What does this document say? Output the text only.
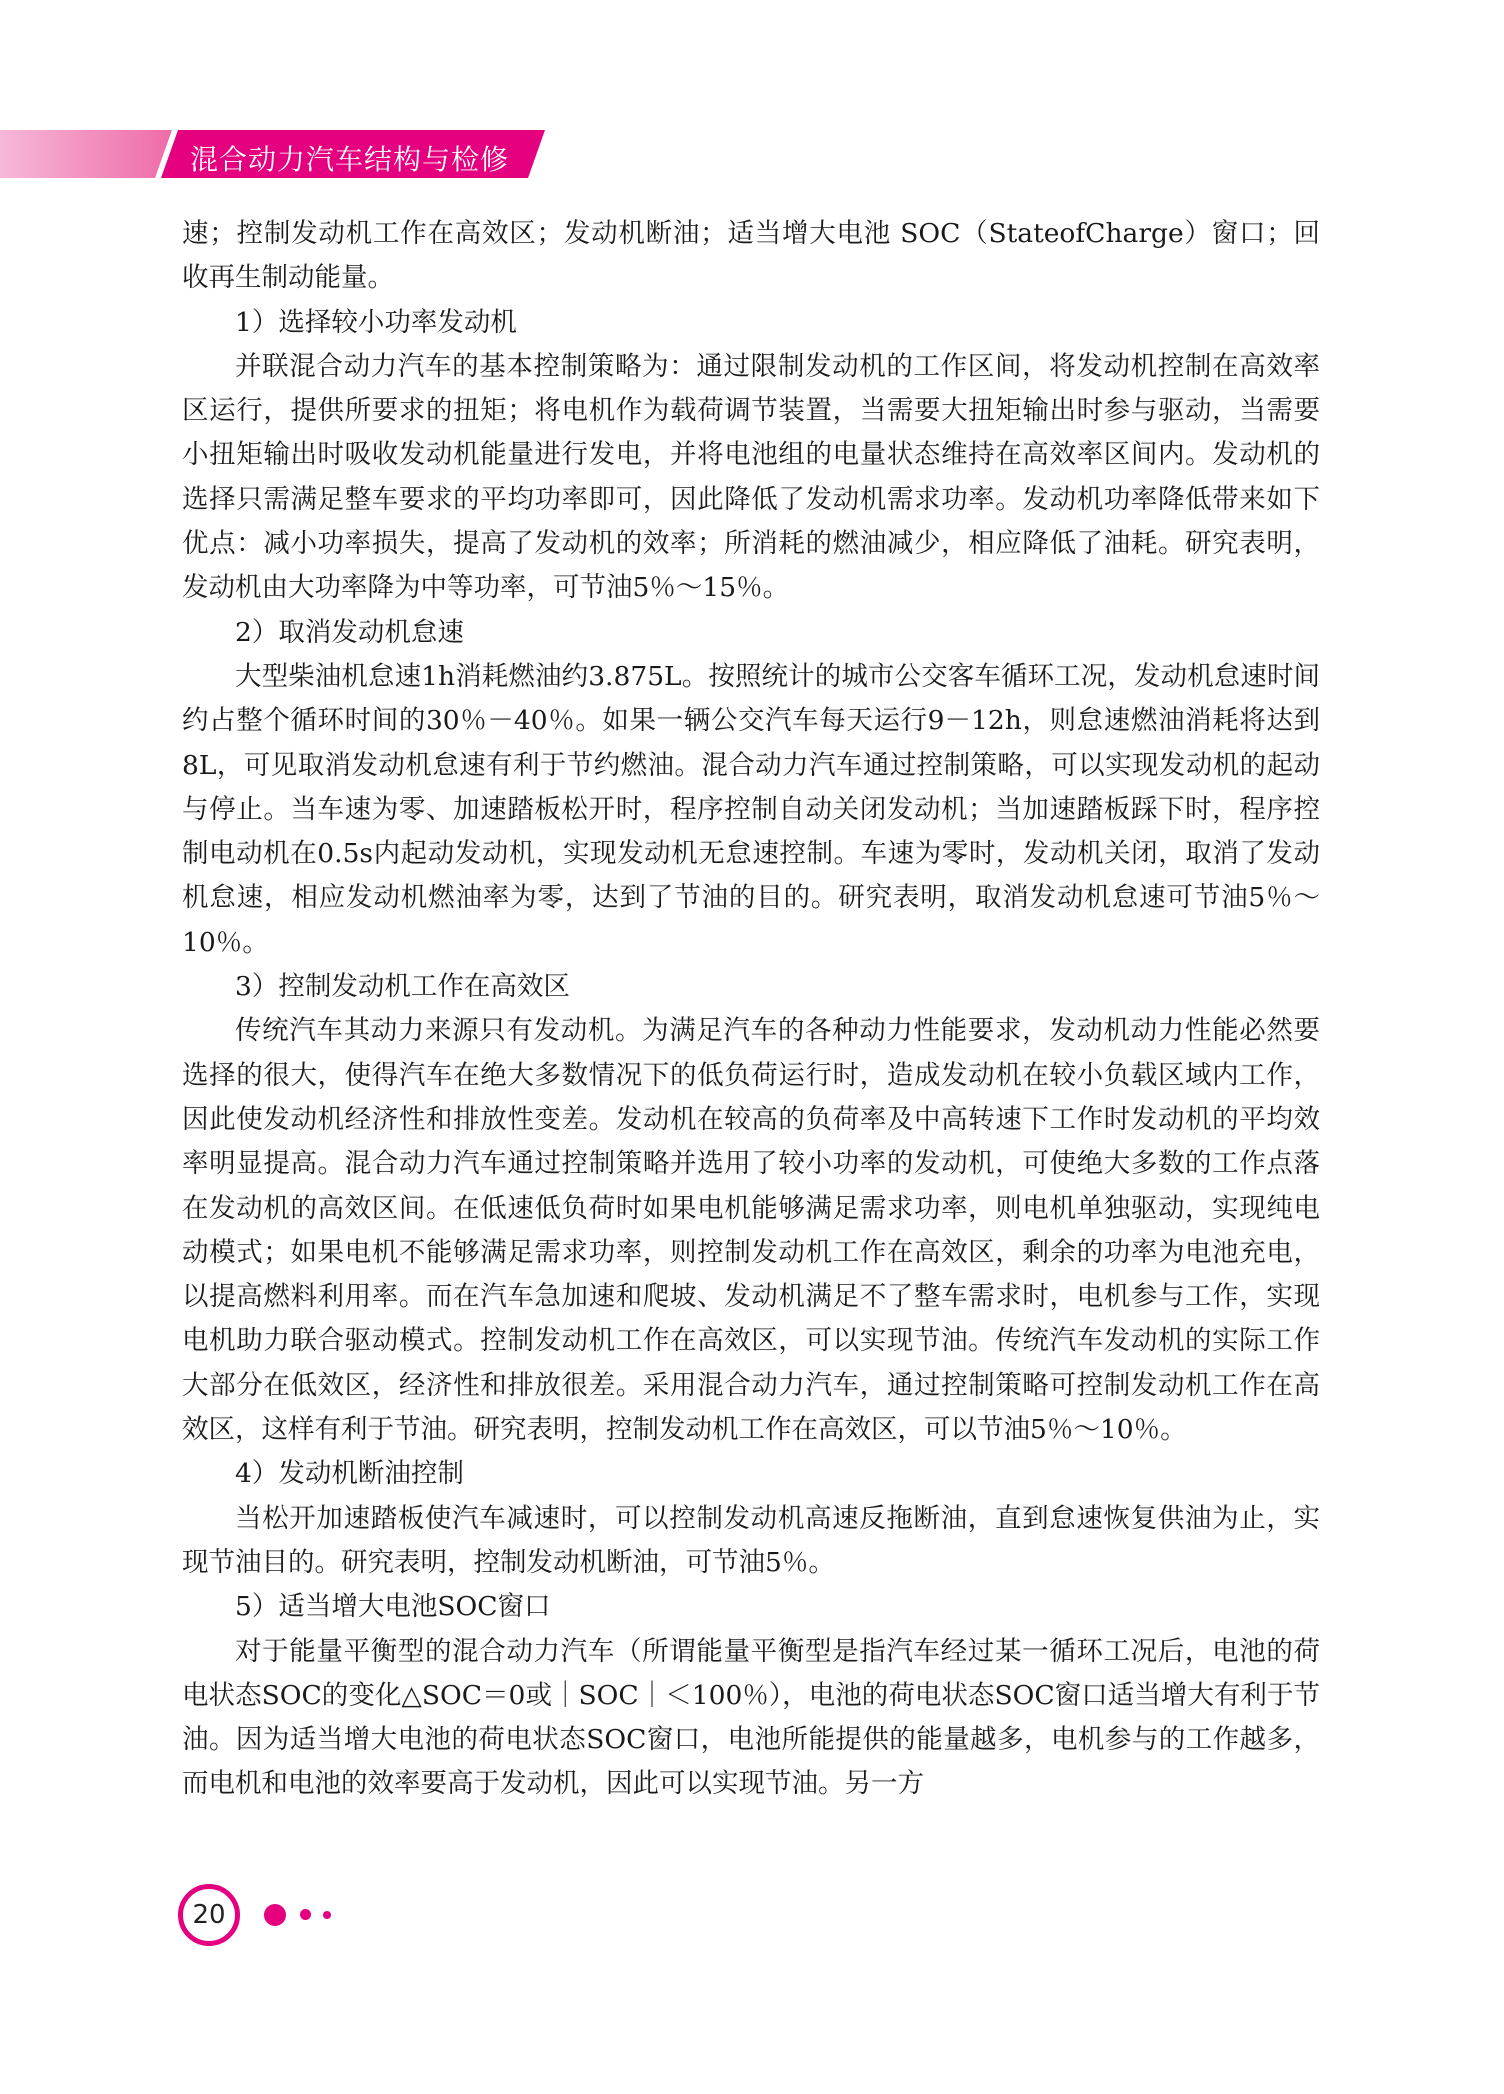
混合动力汽车结构与检修

速；控制发动机工作在高效区；发动机断油；适当增大电池 SOC（StateofCharge）窗口；回收再生制动能量。

1）选择较小功率发动机

并联混合动力汽车的基本控制策略为：通过限制发动机的工作区间，将发动机控制在高效率区运行，提供所要求的扭矩；将电机作为载荷调节装置，当需要大扭矩输出时参与驱动，当需要小扭矩输出时吸收发动机能量进行发电，并将电池组的电量状态维持在高效率区间内。发动机的选择只需满足整车要求的平均功率即可，因此降低了发动机需求功率。发动机功率降低带来如下优点：减小功率损失，提高了发动机的效率；所消耗的燃油减少，相应降低了油耗。研究表明，发动机由大功率降为中等功率，可节油5％～15％。

2）取消发动机怠速

大型柴油机怠速1h消耗燃油约3.875L。按照统计的城市公交客车循环工况，发动机怠速时间约占整个循环时间的30％－40％。如果一辆公交汽车每天运行9－12h，则怠速燃油消耗将达到8L，可见取消发动机怠速有利于节约燃油。混合动力汽车通过控制策略，可以实现发动机的起动与停止。当车速为零、加速踏板松开时，程序控制自动关闭发动机；当加速踏板踩下时，程序控制电动机在0.5s内起动发动机，实现发动机无怠速控制。车速为零时，发动机关闭，取消了发动机怠速，相应发动机燃油率为零，达到了节油的目的。研究表明，取消发动机怠速可节油5％～10％。

3）控制发动机工作在高效区

传统汽车其动力来源只有发动机。为满足汽车的各种动力性能要求，发动机动力性能必然要选择的很大，使得汽车在绝大多数情况下的低负荷运行时，造成发动机在较小负载区域内工作，因此使发动机经济性和排放性变差。发动机在较高的负荷率及中高转速下工作时发动机的平均效率明显提高。混合动力汽车通过控制策略并选用了较小功率的发动机，可使绝大多数的工作点落在发动机的高效区间。在低速低负荷时如果电机能够满足需求功率，则电机单独驱动，实现纯电动模式；如果电机不能够满足需求功率，则控制发动机工作在高效区，剩余的功率为电池充电，以提高燃料利用率。而在汽车急加速和爬坡、发动机满足不了整车需求时，电机参与工作，实现电机助力联合驱动模式。控制发动机工作在高效区，可以实现节油。传统汽车发动机的实际工作大部分在低效区，经济性和排放很差。采用混合动力汽车，通过控制策略可控制发动机工作在高效区，这样有利于节油。研究表明，控制发动机工作在高效区，可以节油5％～10％。

4）发动机断油控制

当松开加速踏板使汽车减速时，可以控制发动机高速反拖断油，直到怠速恢复供油为止，实现节油目的。研究表明，控制发动机断油，可节油5％。

5）适当增大电池SOC窗口

对于能量平衡型的混合动力汽车（所谓能量平衡型是指汽车经过某一循环工况后，电池的荷电状态SOC的变化△SOC＝0或｜SOC｜＜100％），电池的荷电状态SOC窗口适当增大有利于节油。因为适当增大电池的荷电状态SOC窗口，电池所能提供的能量越多，电机参与的工作越多，而电机和电池的效率要高于发动机，因此可以实现节油。另一方

20
